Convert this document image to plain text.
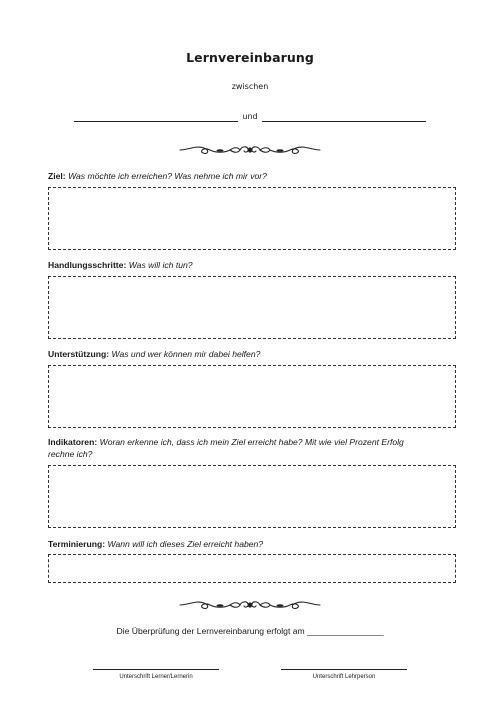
Lernvereinbarung
zwischen
und
Ziel: Was möchte ich erreichen? Was nehme ich mir vor?
Handlungsschritte: Was will ich tun?
Unterstützung: Was und wer können mir dabei helfen?
Indikatoren: Woran erkenne ich, dass ich mein Ziel erreicht habe? Mit wie viel Prozent Erfolg rechne ich?
Terminierung: Wann will ich dieses Ziel erreicht haben?
Die Überprüfung der Lernvereinbarung erfolgt am ________________
Unterschrift Lerner/Lernerin	Unterschrift Lehrperson
